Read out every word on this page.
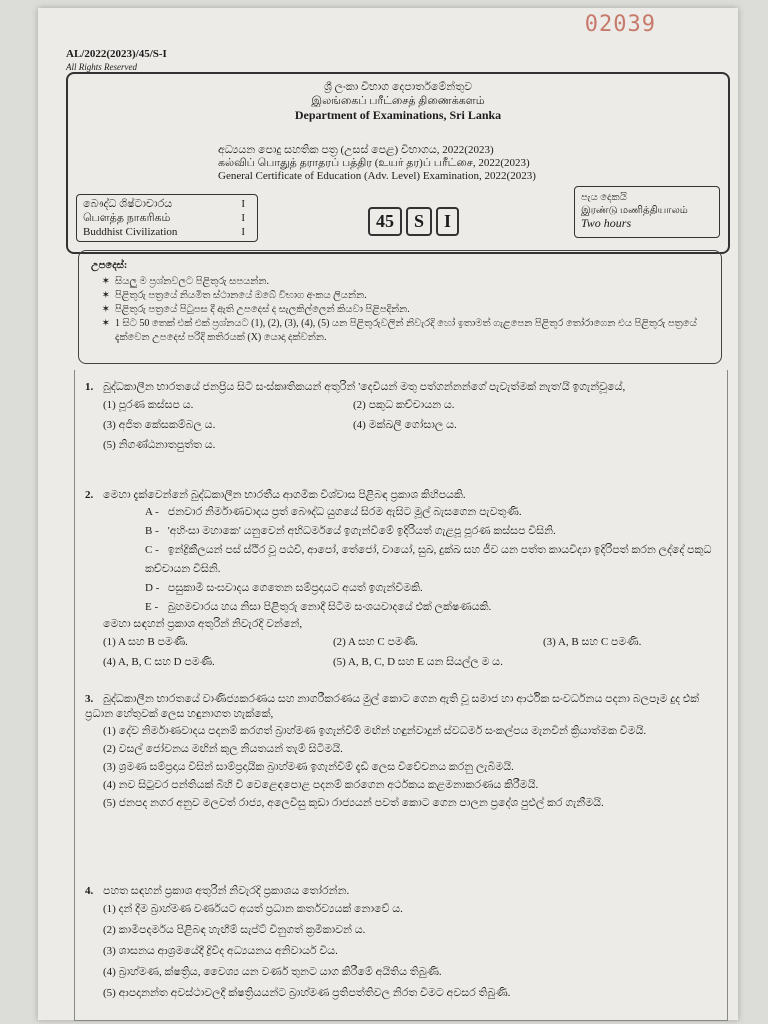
02039
AL/2022(2023)/45/S-I
All Rights Reserved
ශ්‍රී ලංකා විභාග දෙපාර්තමේන්තුව
இலங்கைப் பரீட்சைத் திணைக்களம்
Department of Examinations, Sri Lanka
අධ්‍යයන පොදු සහතික පත්‍ර (උසස් පෙළ) විභාගය, 2022(2023)
கல்விப் பொதுத் தராதரப் பத்திர (உயர் தர)ப் பரீட்சை, 2022(2023)
General Certificate of Education (Adv. Level) Examination, 2022(2023)
බෞද්ධ ශිෂ්ටාචාරය	I
பௌத்த நாகரிகம்	I
Buddhist Civilization	I
45	S	I
පැය දෙකයි
இரண்டு மணித்தியாலம்
Two hours
උපදෙස්:
✶ සියලු ම ප්‍රශ්නවලට පිළිතුරු සපයන්න.
✶ පිළිතුරු පත්‍රයේ නියමිත ස්ථානයේ ඔබේ විභාග අංකය ලියන්න.
✶ පිළිතුරු පත්‍රයේ පිටුපස දී ඇති උපදෙස් ද සැලකිල්ලෙන් කියවා පිළිපදින්න.
✶ 1 සිට 50 තෙක් එක් එක් ප්‍රශ්නයට (1), (2), (3), (4), (5) යන පිළිතුරුවලින් නිවැරදි හෝ ඉතාමත් ගැළපෙන පිළිතුර තෝරාගෙන එය පිළිතුරු පත්‍රයේ දැක්වෙන උපදෙස් පරිදි කතිරයක් (X) යොදා දක්වන්න.
1. බුද්ධකාලීන භාරතයේ ජනප්‍රිය සිටි සංස්කෘතිකයන් අතුරින් 'දෙවියන් මතු පත්ගන්නන්ගේ පැවැත්මක් නැත'යි ඉගැන්වූයේ,
(1) පූරණ කස්සප ය.	(2) පකුධ කච්චායන ය.
(3) අජිත කේසකම්බල ය.	(4) මක්ඛලී ගෝසාල ය.
(5) නිගණ්ඨනාතපුත්ත ය.
2. මෙහා දැක්වෙන්නේ බුද්ධකාලීන භාරතීය ආගමික විශ්වාස පිළිබඳ ප්‍රකාශ කිහිපයකි.
A - ජනවාර නිර්මාණවාදය ප්‍රත් බෞද්ධ යුගයේ සිරම ඇසිට මූල් බැසගෙන පැවතුණි.
B - 'අහිංසා මහාකෙ' යනුවෙන් අභිධර්මයේ ඉගැන්වීමේ ඉදිරියත් ගැළපූ පූරණ කස්සප විසිනි.
C - ඉන්ද්‍රිකීලයන් පස් ස්ථිර වූ පඨවි, ආපෝ, තේජෝ, වායෝ, සුඛ, දුක්ඛ සහ ජීව යන පත්ත කායවිද්‍යා ඉදිරිපත් කරන ලද්දේ පකුධ කච්චායන විසිනි.
D - පසුකාමී සංඝවාදය ගෙතෙන සම්ප්‍රදායට අයත් ඉගැන්වීමකි.
E - බුහමචාරය හය නිසා පිළිතුරු නොදී සිටීම සංශයවාදයේ එක් ලක්ෂණයකි.
මෙහා සඳහන් ප්‍රකාශ අතුරින් නිවැරදි වන්නේ,
(1) A සහ B පමණි.	(2) A සහ C පමණි.	(3) A, B සහ C පමණි.
(4) A, B, C සහ D පමණි.	(5) A, B, C, D සහ E යන සියල්ල ම ය.
3. බුද්ධකාලීන භාරතයේ වාණිජ්‍යකරණය සහ නාගරීකරණය මුල් කොට ගෙන ඇති වූ සමාජ හා ආර්ථික සංවර්ධනය පදනා බලපෑම දුද එක් ප්‍රධාන හේතුවක් ලෙස හඳුනාගත හැක්කේ,
(1) දේව නිර්මාණවාදය පදනම් කරගත් බ්‍රාහ්මණ ඉගැන්වීම් මඟින් හඳුන්වාදුන් ස්වධර්ම සංකල්පය මැනවින් ක්‍රියාත්මක වීමයි.
(2) වසල් ජෝවනය මඟින් කුල නියතයන් තැම් සිටීමයි.
(3) ශ්‍රමණ සම්ප්‍රදාය විසින් සාම්ප්‍රදායික බ්‍රාහ්මණ ඉගැන්වීම් දැඩි ලෙස විවේචනය කරනු ලැබීමයි.
(4) නව සිටුවර පන්තියක් බිහි වී වෙළෙඳපොළ පදනම් කරගෙන අර්ථකය කළමනාකරණය කිරීමයි.
(5) ජනපද නගර අනුව මලවත් රාජ්‍ය, අලෙවිසු කුඩා රාජ්‍යයන් පවත් කොට ගෙන පාලන ප්‍රදේශ පුළුල් කර ගැනීමයි.
4. පහත සඳහන් ප්‍රකාශ අතුරින් නිවැරදි ප්‍රකාශය තෝරන්න.
(1) දන් දීම බ්‍රාහ්මණ වර්ණයට අයත් ප්‍රධාන කර්තව්‍යයක් නොවේ ය.
(2) කාමීපදර්මය පිළිබඳ හැඟීම් සැප්ට් විනුගත් ක්‍රමිකාවන් ය.
(3) ශාසනය ආශ්‍රමයේදී ද්‍රිවිද අධ්‍යයනය අනිවාර්ය විය.
(4) බ්‍රාහ්මණ, ක්ෂත්‍රිය, වෛශ්‍ය යන වර්ණ තුනට යාග කිරීමේ අයිතිය තිබුණි.
(5) ආපදානන්ත අවස්ථාවලදී ක්ෂත්‍රියයන්ට බ්‍රාහ්මණ ප්‍රතිපත්තිවල නිරත වීමට අවසර තිබුණි.
